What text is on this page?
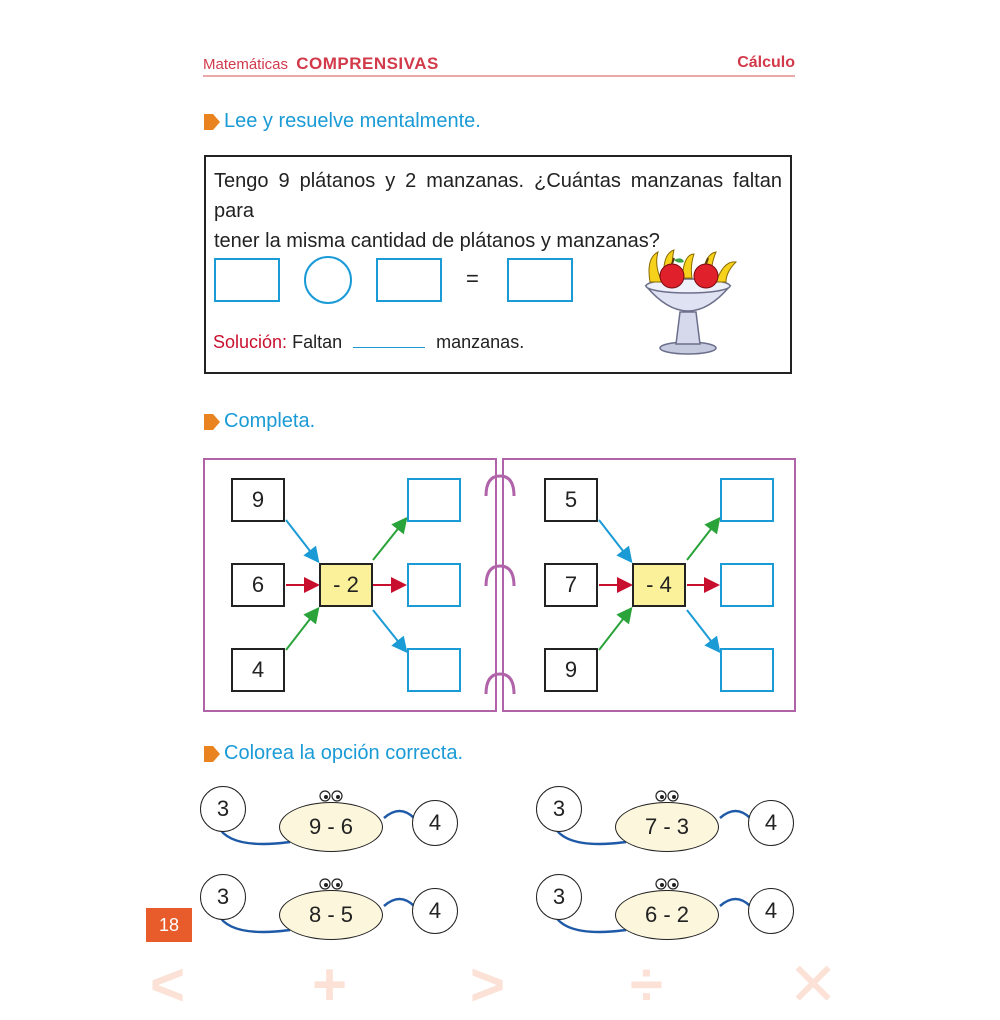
Matemáticas COMPRENSIVAS	Cálculo
Lee y resuelve mentalmente.
Tengo 9 plátanos y 2 manzanas. ¿Cuántas manzanas faltan para
tener la misma cantidad de plátanos y manzanas?
=
Solución: Faltan	manzanas.
Completa.
9
6
4
- 2
5
7
9
- 4
Colorea la opción correcta.
3
9 - 6	4
3
7 - 3	4
3
8 - 5	4
3
6 - 2	4
18
< + > ÷ ✕
